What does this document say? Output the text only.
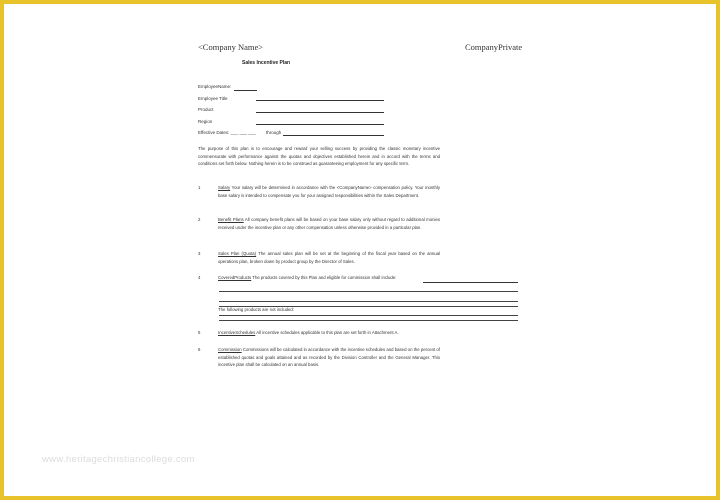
<Company Name>	CompanyPrivate
Sales Incentive Plan
EmployeeName:
Employee Title
Product
Region
Effective Dates: ___ ___ ___ through
The purpose of this plan is to encourage and reward your selling success by providing the classic monetary incentive commensurate with performance against the quotas and objectives established herein and in accord with the terms and conditions set forth below. Nothing herein is to be construed as guaranteeing employment for any specific term.
1	Salary Your salary will be determined in accordance with the <CompanyName> compensation policy. Your monthly base salary is intended to compensate you for your assigned responsibilities within the Sales Department.
2	Benefit Plans All company benefit plans will be based on your base salary only without regard to additional monies received under the incentive plan or any other compensation unless otherwise provided in a particular plan.
3	Sales Plan (Quota) The annual sales plan will be set at the beginning of the fiscal year based on the annual operations plan, broken down by product group by the Director of Sales.
4	CoveredProducts The products covered by this Plan and eligible for commission shall include:
The following products are not included:
5	IncentiveSchedules All incentive schedules applicable to this plan are set forth in Attachment A.
6	Commission Commissions will be calculated in accordance with the incentive schedules and based on the percent of established quotas and goals attained and as recorded by the Division Controller and the General Manager. This incentive plan shall be calculated on an annual basis.
www.heritagechristiancollege.com
